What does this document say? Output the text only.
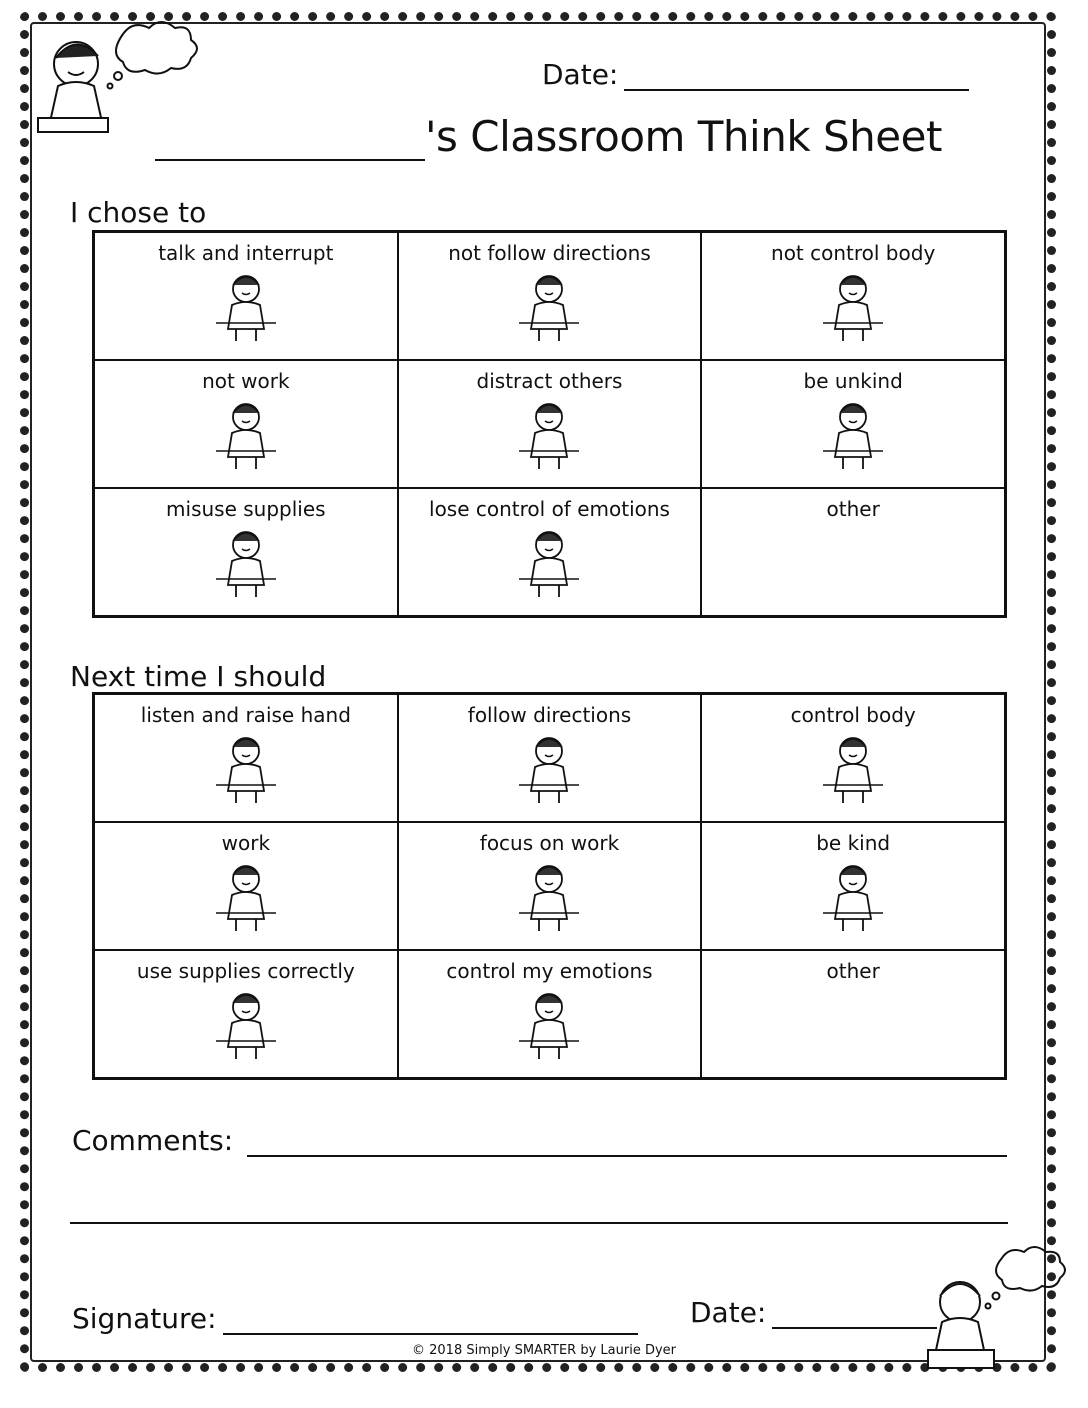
Date:
's Classroom Think Sheet
I chose to
talk and interrupt	not follow directions	not control body
not work	distract others	be unkind
misuse supplies	lose control of emotions	other
Next time I should
listen and raise hand	follow directions	control body
work	focus on work	be kind
use supplies correctly	control my emotions	other
Comments:
Signature:	Date:
© 2018 Simply SMARTER by Laurie Dyer
